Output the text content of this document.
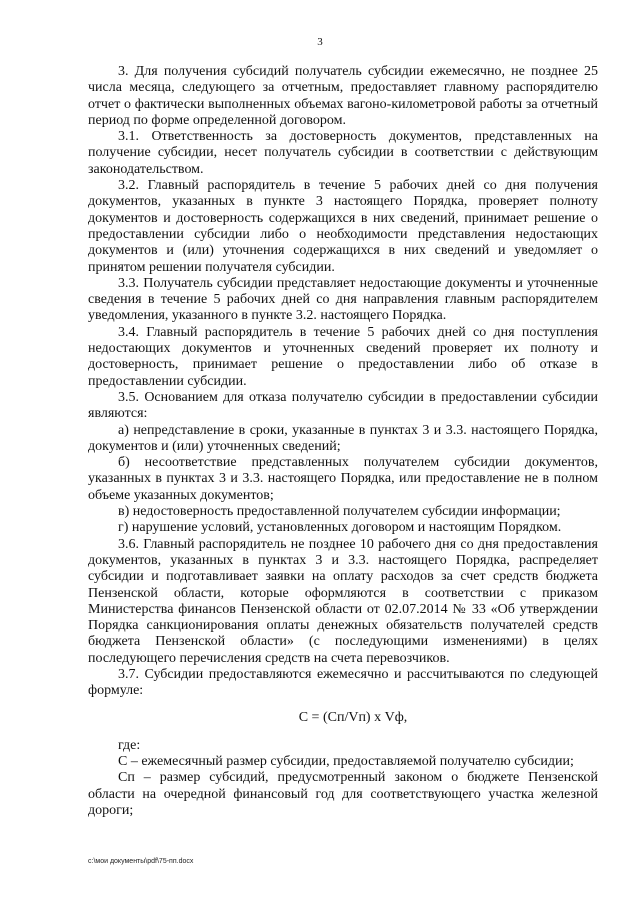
3

3. Для получения субсидий получатель субсидии ежемесячно, не позднее 25 числа месяца, следующего за отчетным, предоставляет главному распорядителю отчет о фактически выполненных объемах вагоно-километровой работы за отчетный период по форме определенной договором.

3.1. Ответственность за достоверность документов, представленных на получение субсидии, несет получатель субсидии в соответствии с действующим законодательством.

3.2. Главный распорядитель в течение 5 рабочих дней со дня получения документов, указанных в пункте 3 настоящего Порядка, проверяет полноту документов и достоверность содержащихся в них сведений, принимает решение о предоставлении субсидии либо о необходимости представления недостающих документов и (или) уточнения содержащихся в них сведений и уведомляет о принятом решении получателя субсидии.

3.3. Получатель субсидии представляет недостающие документы и уточненные сведения в течение 5 рабочих дней со дня направления главным распорядителем уведомления, указанного в пункте 3.2. настоящего Порядка.

3.4. Главный распорядитель в течение 5 рабочих дней со дня поступления недостающих документов и уточненных сведений проверяет их полноту и достоверность, принимает решение о предоставлении либо об отказе в предоставлении субсидии.

3.5. Основанием для отказа получателю субсидии в предоставлении субсидии являются:

а) непредставление в сроки, указанные в пунктах 3 и 3.3. настоящего Порядка, документов и (или) уточненных сведений;

б) несоответствие представленных получателем субсидии документов, указанных в пунктах 3 и 3.3. настоящего Порядка, или предоставление не в полном объеме указанных документов;

в) недостоверность предоставленной получателем субсидии информации;

г) нарушение условий, установленных договором и настоящим Порядком.

3.6. Главный распорядитель не позднее 10 рабочего дня со дня предоставления документов, указанных в пунктах 3 и 3.3. настоящего Порядка, распределяет субсидии и подготавливает заявки на оплату расходов за счет средств бюджета Пензенской области, которые оформляются в соответствии с приказом Министерства финансов Пензенской области от 02.07.2014 № 33 «Об утверждении Порядка санкционирования оплаты денежных обязательств получателей средств бюджета Пензенской области» (с последующими изменениями) в целях последующего перечисления средств на счета перевозчиков.

3.7. Субсидии предоставляются ежемесячно и рассчитываются по следующей формуле:

С = (Сп/Vп) х Vф,

где:

С – ежемесячный размер субсидии, предоставляемой получателю субсидии;

Сп – размер субсидий, предусмотренный законом о бюджете Пензенской области на очередной финансовый год для соответствующего участка железной дороги;

c:\мои документы\pdf\75-пп.docx
